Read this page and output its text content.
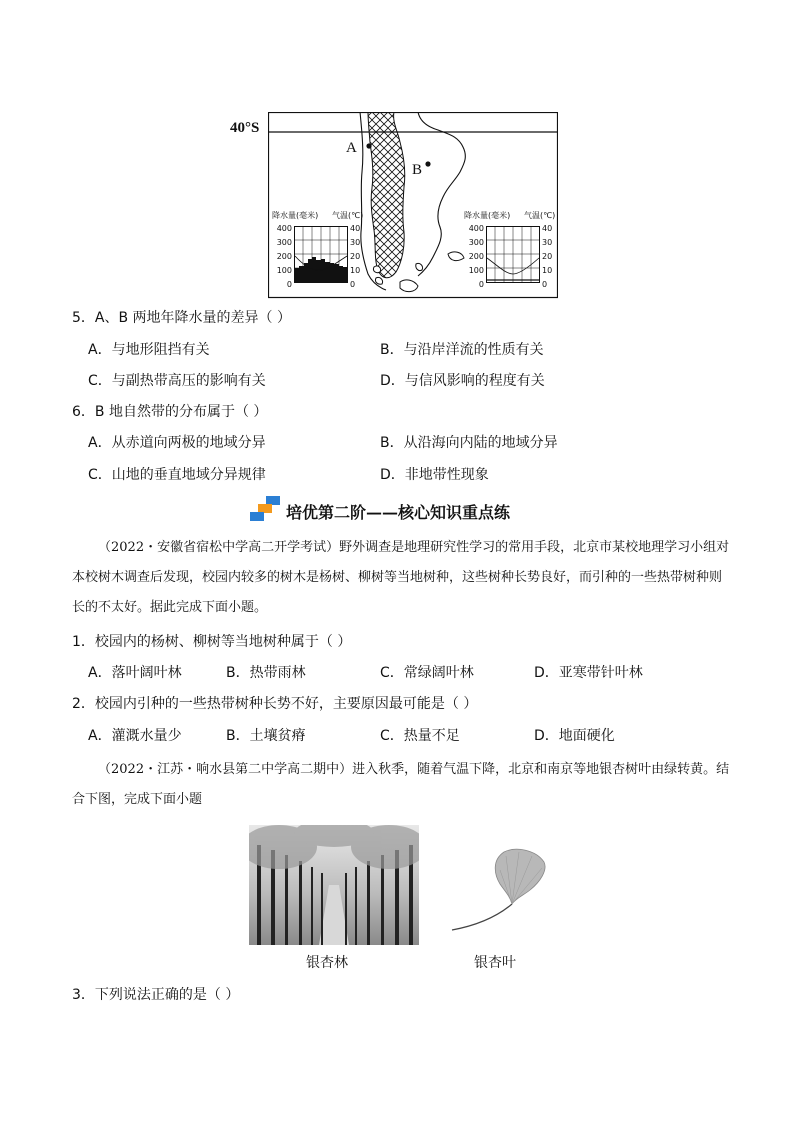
40°S
A
B
降水量(毫米) 气温(℃)
400
300
200
100
0
40
30
20
10
0
降水量(毫米) 气温(℃)
400
300
200
100
0
40
30
20
10
0
5．A、B 两地年降水量的差异（ ）
A．与地形阻挡有关	B．与沿岸洋流的性质有关
C．与副热带高压的影响有关	D．与信风影响的程度有关
6．B 地自然带的分布属于（ ）
A．从赤道向两极的地域分异	B．从沿海向内陆的地域分异
C．山地的垂直地域分异规律	D．非地带性现象
培优第二阶——核心知识重点练
（2022・安徽省宿松中学高二开学考试）野外调查是地理研究性学习的常用手段，北京市某校地理学习小组对本校树木调查后发现，校园内较多的树木是杨树、柳树等当地树种，这些树种长势良好，而引种的一些热带树种则长的不太好。据此完成下面小题。
1．校园内的杨树、柳树等当地树种属于（ ）
A．落叶阔叶林	B．热带雨林	C．常绿阔叶林	D．亚寒带针叶林
2．校园内引种的一些热带树种长势不好，主要原因最可能是（ ）
A．灌溉水量少	B．土壤贫瘠	C．热量不足	D．地面硬化
（2022・江苏・响水县第二中学高二期中）进入秋季，随着气温下降，北京和南京等地银杏树叶由绿转黄。结合下图，完成下面小题
银杏林	银杏叶
3．下列说法正确的是（ ）
